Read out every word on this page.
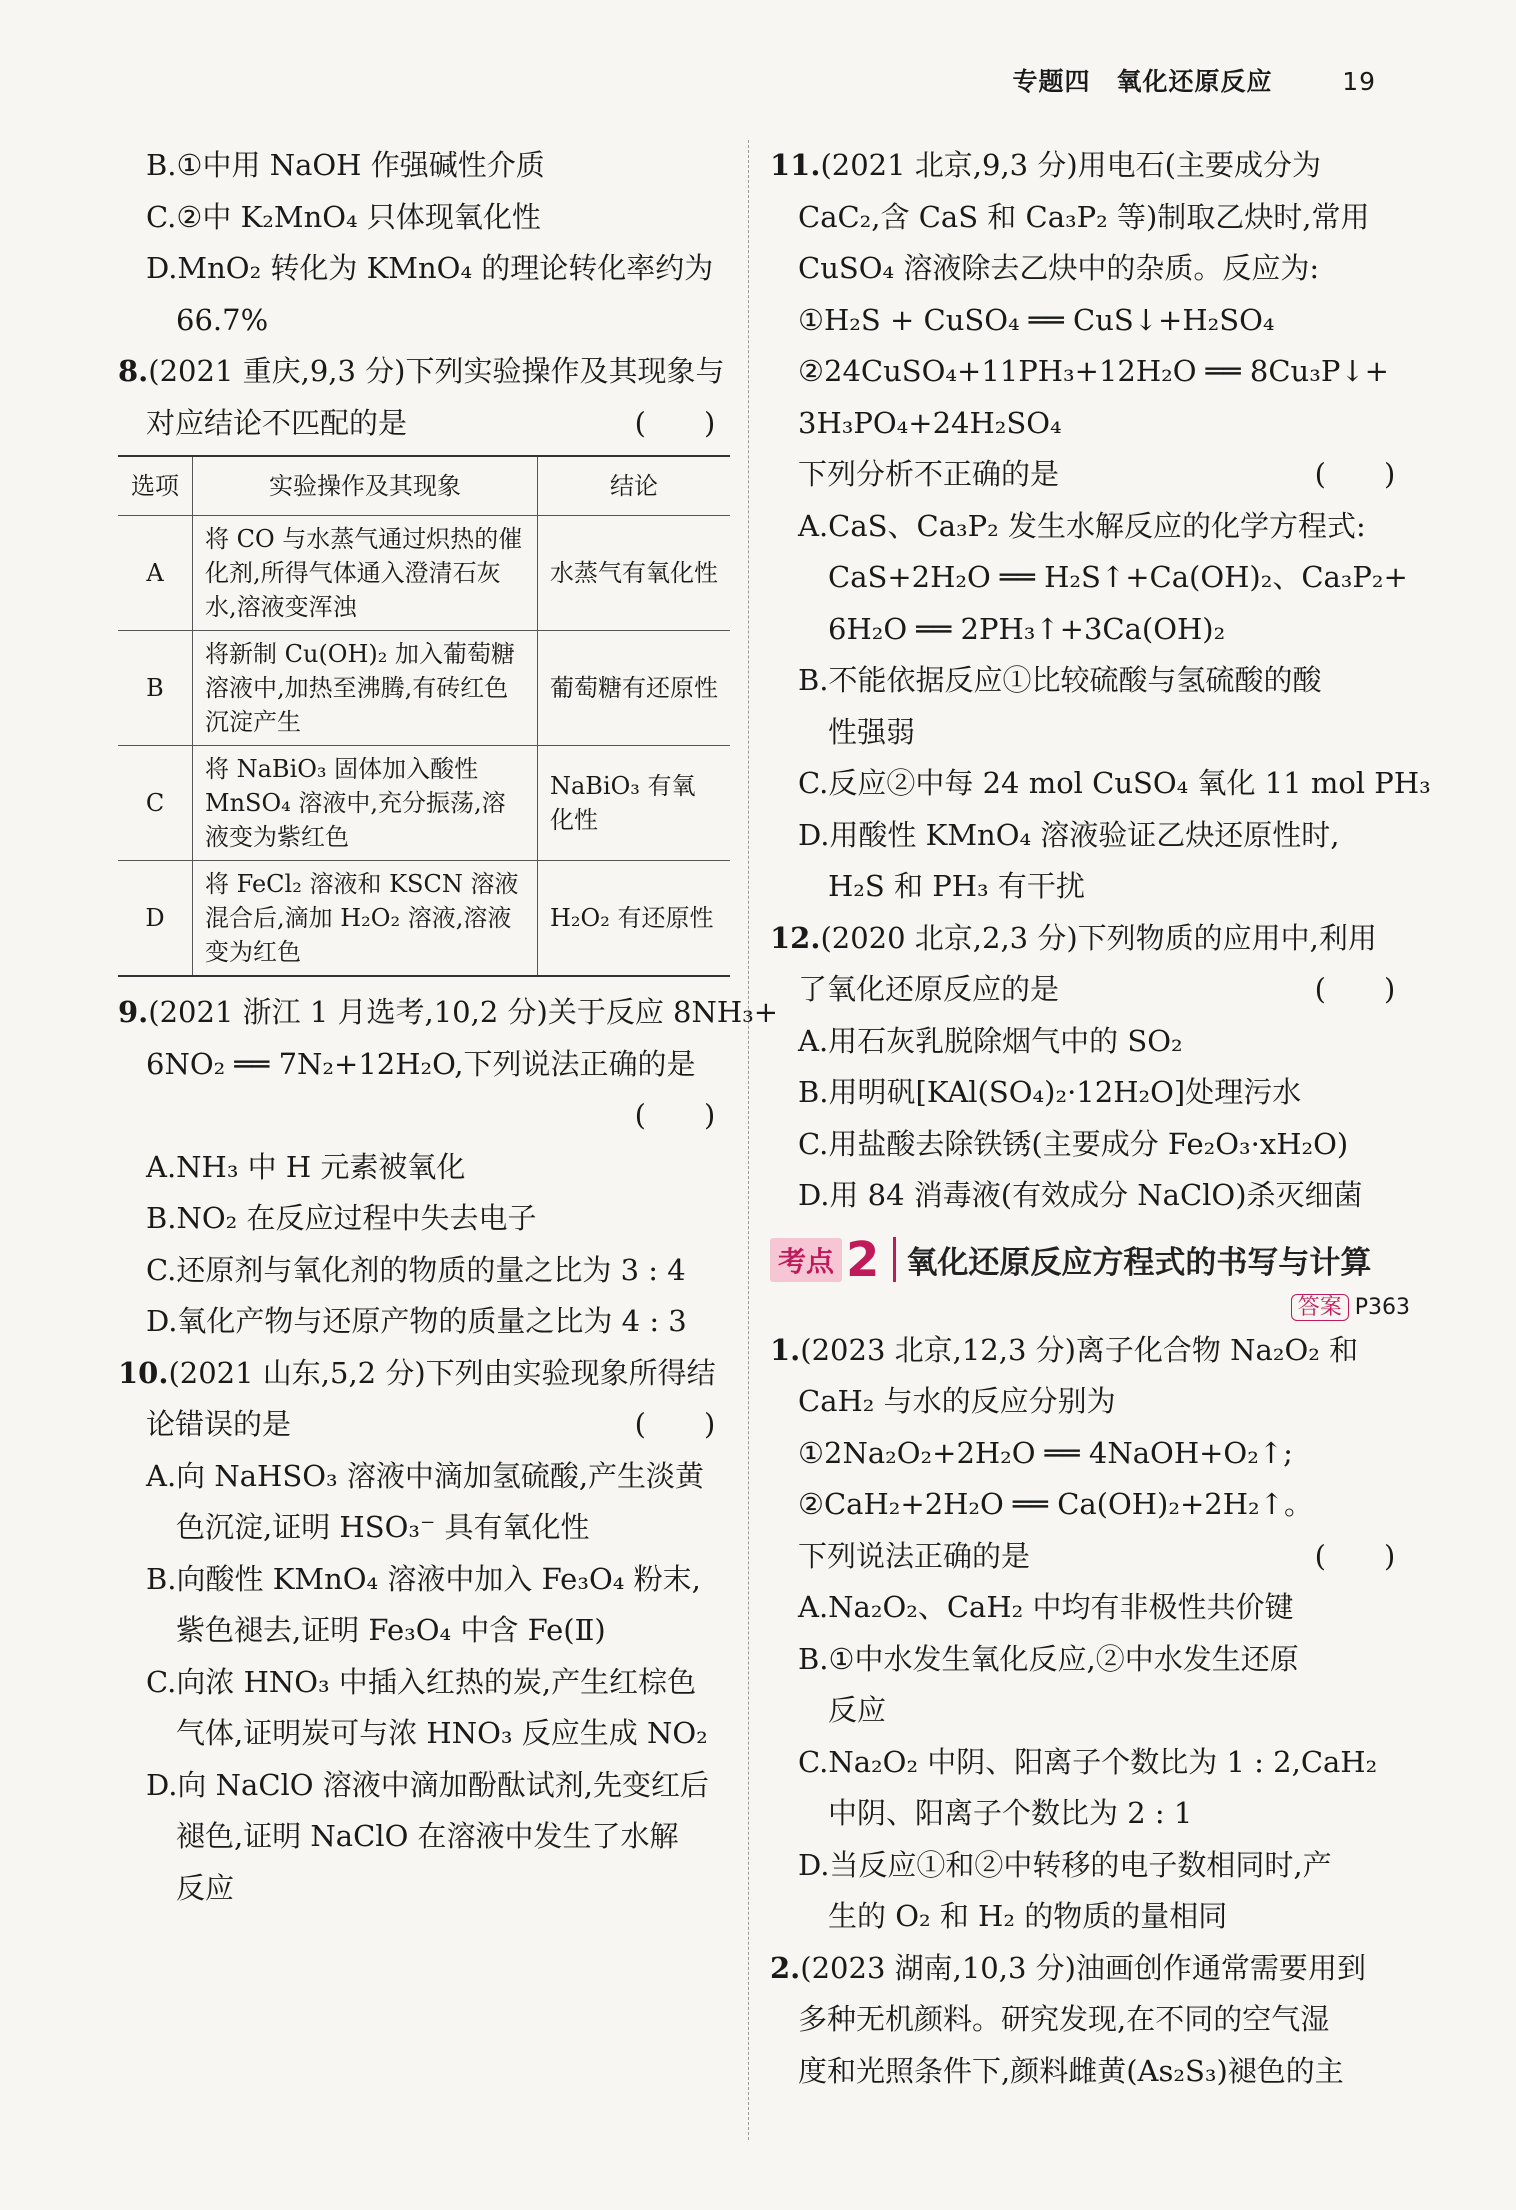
专题四　氧化还原反应	19
B.①中用 NaOH 作强碱性介质
C.②中 K₂MnO₄ 只体现氧化性
D.MnO₂ 转化为 KMnO₄ 的理论转化率约为
66.7%
8.(2021 重庆,9,3 分)下列实验操作及其现象与
对应结论不匹配的是	(　　)
选项	实验操作及其现象	结论
A	将 CO 与水蒸气通过炽热的催化剂,所得气体通入澄清石灰水,溶液变浑浊	水蒸气有氧化性
B	将新制 Cu(OH)₂ 加入葡萄糖溶液中,加热至沸腾,有砖红色沉淀产生	葡萄糖有还原性
C	将 NaBiO₃ 固体加入酸性 MnSO₄ 溶液中,充分振荡,溶液变为紫红色	NaBiO₃ 有氧化性
D	将 FeCl₂ 溶液和 KSCN 溶液混合后,滴加 H₂O₂ 溶液,溶液变为红色	H₂O₂ 有还原性
9.(2021 浙江 1 月选考,10,2 分)关于反应 8NH₃+
6NO₂ ══ 7N₂+12H₂O,下列说法正确的是
(　　)
A.NH₃ 中 H 元素被氧化
B.NO₂ 在反应过程中失去电子
C.还原剂与氧化剂的物质的量之比为 3 : 4
D.氧化产物与还原产物的质量之比为 4 : 3
10.(2021 山东,5,2 分)下列由实验现象所得结
论错误的是	(　　)
A.向 NaHSO₃ 溶液中滴加氢硫酸,产生淡黄
色沉淀,证明 HSO₃⁻ 具有氧化性
B.向酸性 KMnO₄ 溶液中加入 Fe₃O₄ 粉末,
紫色褪去,证明 Fe₃O₄ 中含 Fe(Ⅱ)
C.向浓 HNO₃ 中插入红热的炭,产生红棕色
气体,证明炭可与浓 HNO₃ 反应生成 NO₂
D.向 NaClO 溶液中滴加酚酞试剂,先变红后
褪色,证明 NaClO 在溶液中发生了水解
反应
11.(2021 北京,9,3 分)用电石(主要成分为
CaC₂,含 CaS 和 Ca₃P₂ 等)制取乙炔时,常用
CuSO₄ 溶液除去乙炔中的杂质。反应为:
①H₂S + CuSO₄ ══ CuS↓+H₂SO₄
②24CuSO₄+11PH₃+12H₂O ══ 8Cu₃P↓+
3H₃PO₄+24H₂SO₄
下列分析不正确的是	(　　)
A.CaS、Ca₃P₂ 发生水解反应的化学方程式:
CaS+2H₂O ══ H₂S↑+Ca(OH)₂、Ca₃P₂+
6H₂O ══ 2PH₃↑+3Ca(OH)₂
B.不能依据反应①比较硫酸与氢硫酸的酸
性强弱
C.反应②中每 24 mol CuSO₄ 氧化 11 mol PH₃
D.用酸性 KMnO₄ 溶液验证乙炔还原性时,
H₂S 和 PH₃ 有干扰
12.(2020 北京,2,3 分)下列物质的应用中,利用
了氧化还原反应的是	(　　)
A.用石灰乳脱除烟气中的 SO₂
B.用明矾[KAl(SO₄)₂·12H₂O]处理污水
C.用盐酸去除铁锈(主要成分 Fe₂O₃·xH₂O)
D.用 84 消毒液(有效成分 NaClO)杀灭细菌
考点 2 氧化还原反应方程式的书写与计算
答案 P363
1.(2023 北京,12,3 分)离子化合物 Na₂O₂ 和
CaH₂ 与水的反应分别为
①2Na₂O₂+2H₂O ══ 4NaOH+O₂↑;
②CaH₂+2H₂O ══ Ca(OH)₂+2H₂↑。
下列说法正确的是	(　　)
A.Na₂O₂、CaH₂ 中均有非极性共价键
B.①中水发生氧化反应,②中水发生还原
反应
C.Na₂O₂ 中阴、阳离子个数比为 1 : 2,CaH₂
中阴、阳离子个数比为 2 : 1
D.当反应①和②中转移的电子数相同时,产
生的 O₂ 和 H₂ 的物质的量相同
2.(2023 湖南,10,3 分)油画创作通常需要用到
多种无机颜料。研究发现,在不同的空气湿
度和光照条件下,颜料雌黄(As₂S₃)褪色的主
